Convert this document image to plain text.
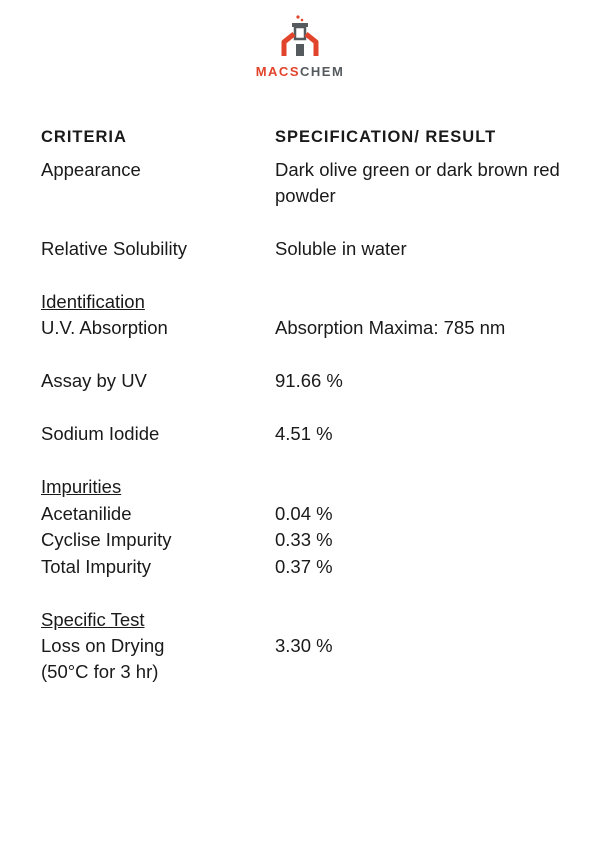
MACSCHEM
CRITERIA	SPECIFICATION/ RESULT
Appearance	Dark olive green or dark brown red powder
Relative Solubility	Soluble in water
Identification
U.V. Absorption	Absorption Maxima: 785 nm
Assay by UV	91.66 %
Sodium Iodide	4.51 %
Impurities
Acetanilide	0.04 %
Cyclise Impurity	0.33 %
Total Impurity	0.37 %
Specific Test
Loss on Drying	3.30 %
(50°C for 3 hr)
